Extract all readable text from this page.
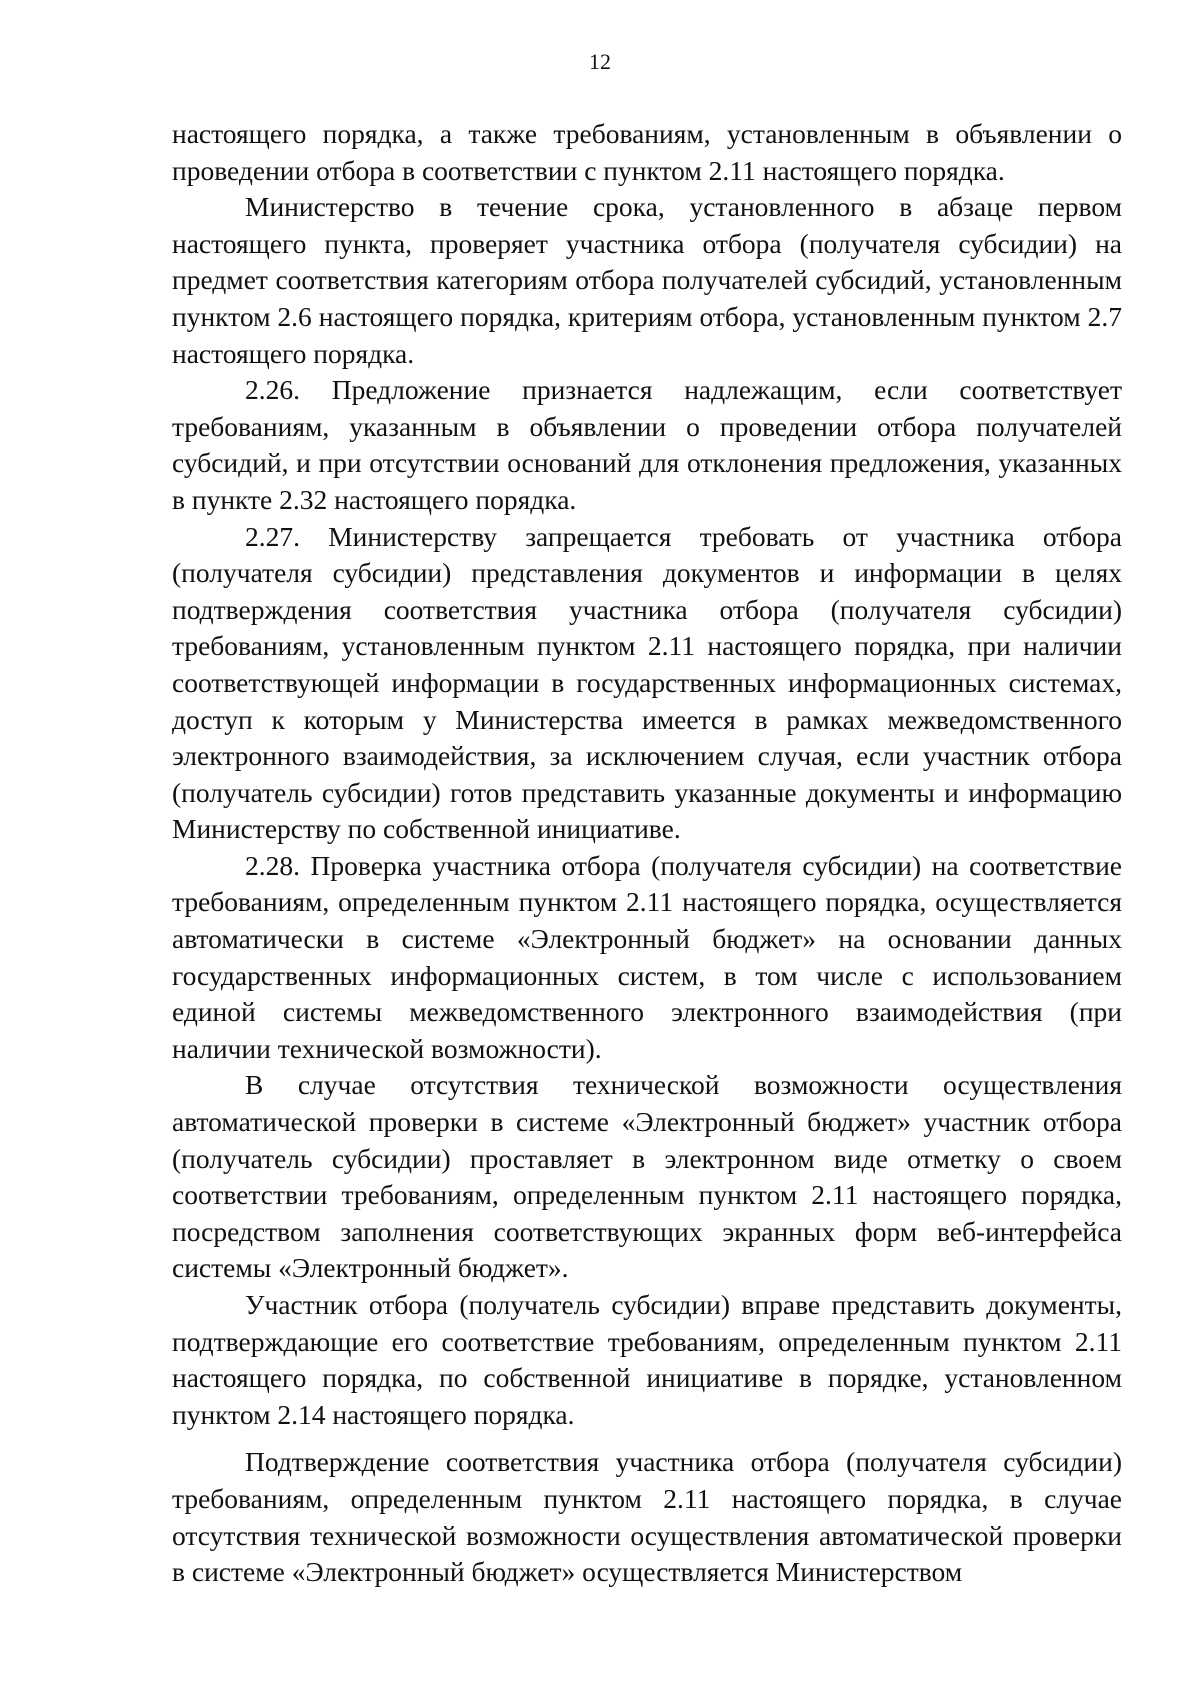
12

настоящего порядка, а также требованиям, установленным в объявлении о проведении отбора в соответствии с пунктом 2.11 настоящего порядка.

Министерство в течение срока, установленного в абзаце первом настоящего пункта, проверяет участника отбора (получателя субсидии) на предмет соответствия категориям отбора получателей субсидий, установленным пунктом 2.6 настоящего порядка, критериям отбора, установленным пунктом 2.7 настоящего порядка.

2.26. Предложение признается надлежащим, если соответствует требованиям, указанным в объявлении о проведении отбора получателей субсидий, и при отсутствии оснований для отклонения предложения, указанных в пункте 2.32 настоящего порядка.

2.27. Министерству запрещается требовать от участника отбора (получателя субсидии) представления документов и информации в целях подтверждения соответствия участника отбора (получателя субсидии) требованиям, установленным пунктом 2.11 настоящего порядка, при наличии соответствующей информации в государственных информационных системах, доступ к которым у Министерства имеется в рамках межведомственного электронного взаимодействия, за исключением случая, если участник отбора (получатель субсидии) готов представить указанные документы и информацию Министерству по собственной инициативе.

2.28. Проверка участника отбора (получателя субсидии) на соответствие требованиям, определенным пунктом 2.11 настоящего порядка, осуществляется автоматически в системе «Электронный бюджет» на основании данных государственных информационных систем, в том числе с использованием единой системы межведомственного электронного взаимодействия (при наличии технической возможности).

В случае отсутствия технической возможности осуществления автоматической проверки в системе «Электронный бюджет» участник отбора (получатель субсидии) проставляет в электронном виде отметку о своем соответствии требованиям, определенным пунктом 2.11 настоящего порядка, посредством заполнения соответствующих экранных форм веб-интерфейса системы «Электронный бюджет».

Участник отбора (получатель субсидии) вправе представить документы, подтверждающие его соответствие требованиям, определенным пунктом 2.11 настоящего порядка, по собственной инициативе в порядке, установленном пунктом 2.14 настоящего порядка.

Подтверждение соответствия участника отбора (получателя субсидии) требованиям, определенным пунктом 2.11 настоящего порядка, в случае отсутствия технической возможности осуществления автоматической проверки в системе «Электронный бюджет» осуществляется Министерством
